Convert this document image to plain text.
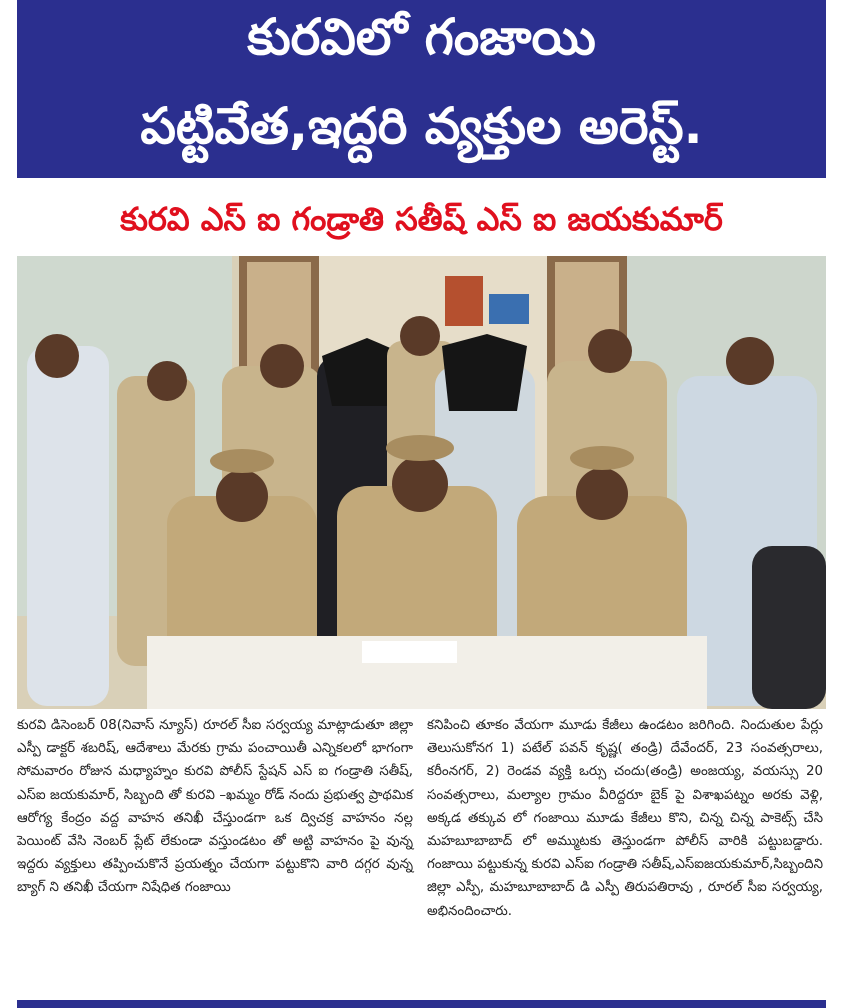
కురవిలో గంజాయి
పట్టివేత,ఇద్దరి వ్యక్తుల అరెస్ట్.
కురవి ఎస్ ఐ గండ్రాతి సతీష్ ఎస్ ఐ జయకుమార్

కురవి డిసెంబర్ 08(నివాస్ న్యూస్) రూరల్ సీఐ సర్వయ్య మాట్లాడుతూ జిల్లా ఎస్పీ డాక్టర్ శబరిష్, ఆదేశాలు మేరకు గ్రామ పంచాయితీ ఎన్నికలలో భాగంగా సోమవారం రోజున మధ్యాహ్నం కురవి పోలీస్ స్టేషన్ ఎస్ ఐ గండ్రాతి సతీష్, ఎస్ఐ జయకుమార్, సిబ్బంది తో కురవి –ఖమ్మం రోడ్ నందు ప్రభుత్వ ప్రాథమిక ఆరోగ్య కేంద్రం వద్ద వాహన తనిఖీ చేస్తుండగా ఒక ద్విచక్ర వాహనం నల్ల పెయింట్ వేసి నెంబర్ ప్లేట్ లేకుండా వస్తుండటం తో అట్టి వాహనం పై వున్న ఇద్దరు వ్యక్తులు తప్పించుకొనే ప్రయత్నం చేయగా పట్టుకొని వారి దగ్గర వున్న బ్యాగ్ ని తనిఖీ చేయగా నిషేధిత గంజాయి

కనిపించి తూకం వేయగా మూడు కేజీలు ఉండటం జరిగింది. నిందుతుల పేర్లు తెలుసుకోనగ 1) పటేల్ పవన్ కృష్ణ( తండ్రి) దేవేందర్, 23 సంవత్సరాలు, కరీంనగర్, 2) రెండవ వ్యక్తి ఒర్సు చందు(తండ్రి) అంజయ్య, వయస్సు 20 సంవత్సరాలు, మల్యాల గ్రామం వీరిద్దరూ బైక్ పై విశాఖపట్నం అరకు వెళ్లి, అక్కడ తక్కువ లో గంజాయి మూడు కేజీలు కొని, చిన్న చిన్న పాకెట్స్ చేసి మహబూబాబాద్ లో అమ్ముటకు తెస్తుండగా పోలీస్ వారికి పట్టుబడ్డారు. గంజాయి పట్టుకున్న కురవి ఎస్ఐ గండ్రాతి సతీష్,ఎస్ఐజయకుమార్,సిబ్బందిని జిల్లా ఎస్పీ, మహబూబాబాద్ డి ఎస్పీ తిరుపతిరావు , రూరల్ సీఐ సర్వయ్య, అభినందించారు.
